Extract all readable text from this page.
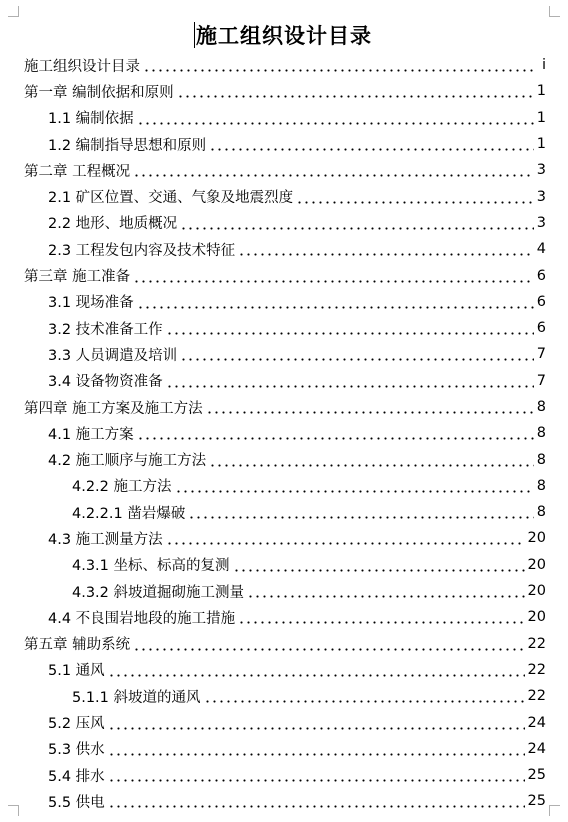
施工组织设计目录
施工组织设计目录	i
第一章 编制依据和原则	1
1.1 编制依据	1
1.2 编制指导思想和原则	1
第二章 工程概况	3
2.1 矿区位置、交通、气象及地震烈度	3
2.2 地形、地质概况	3
2.3 工程发包内容及技术特征	4
第三章 施工准备	6
3.1 现场准备	6
3.2 技术准备工作	6
3.3 人员调遣及培训	7
3.4 设备物资准备	7
第四章 施工方案及施工方法	8
4.1 施工方案	8
4.2 施工顺序与施工方法	8
4.2.2 施工方法	8
4.2.2.1 凿岩爆破	8
4.3 施工测量方法	20
4.3.1 坐标、标高的复测	20
4.3.2 斜坡道掘砌施工测量	20
4.4 不良围岩地段的施工措施	20
第五章 辅助系统	22
5.1 通风	22
5.1.1 斜坡道的通风	22
5.2 压风	24
5.3 供水	24
5.4 排水	25
5.5 供电	25
